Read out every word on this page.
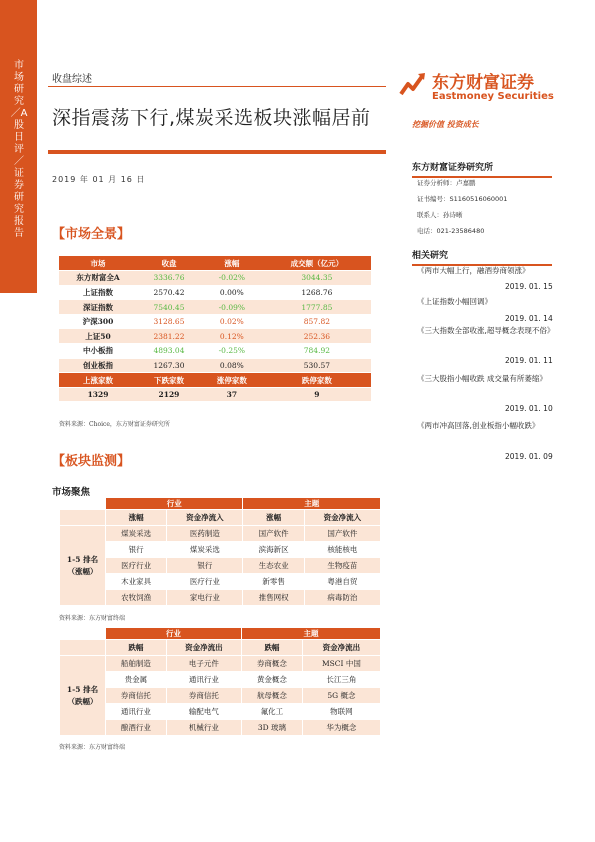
市场研究／A股日评／证券研究报告
收盘综述
深指震荡下行,煤炭采选板块涨幅居前
2019 年 01 月 16 日
东方财富证券
Eastmoney Securities
挖掘价值 投资成长
东方财富证券研究所
证券分析师：卢嘉鹏
证书编号：S1160516060001
联系人：孙诗晰
电话：021-23586480
相关研究
《两市大幅上行，融酒券商领涨》
2019. 01. 15
《上证指数小幅回调》
2019. 01. 14
《三大指数全部收涨,超导概念表现不俗》
2019. 01. 11
《三大股指小幅收跌 成交量有所萎缩》
2019. 01. 10
《两市冲高回落,创业板指小幅收跌》
2019. 01. 09
【市场全景】
市场	收盘	涨幅	成交额（亿元）
东方财富全A	3336.76	-0.02%	3044.35
上证指数	2570.42	0.00%	1268.76
深证指数	7540.45	-0.09%	1777.85
沪深300	3128.65	0.02%	857.82
上证50	2381.22	0.12%	252.36
中小板指	4893.04	-0.25%	784.92
创业板指	1267.30	0.08%	530.57
上涨家数	下跌家数	涨停家数	跌停家数
1329	2129	37	9
资料来源：Choice，东方财富证券研究所
【板块监测】
市场聚焦
	行业		主题	
	涨幅	资金净流入	涨幅	资金净流入
1-5 排名（涨幅）	煤炭采选	医药制造	国产软件	国产软件
	银行	煤炭采选	滨海新区	核能核电
	医疗行业	银行	生态农业	生物疫苗
	木业家具	医疗行业	新零售	粤港自贸
	农牧饲渔	家电行业	推售网权	病毒防治
资料来源：东方财富终端
	行业		主题	
	跌幅	资金净流出	跌幅	资金净流出
1-5 排名（跌幅）	船舶制造	电子元件	券商概念	MSCI 中国
	贵金属	通讯行业	黄金概念	长江三角
	券商信托	券商信托	航母概念	5G 概念
	通讯行业	输配电气	氟化工	物联网
	酿酒行业	机械行业	3D 玻璃	华为概念
资料来源：东方财富终端
